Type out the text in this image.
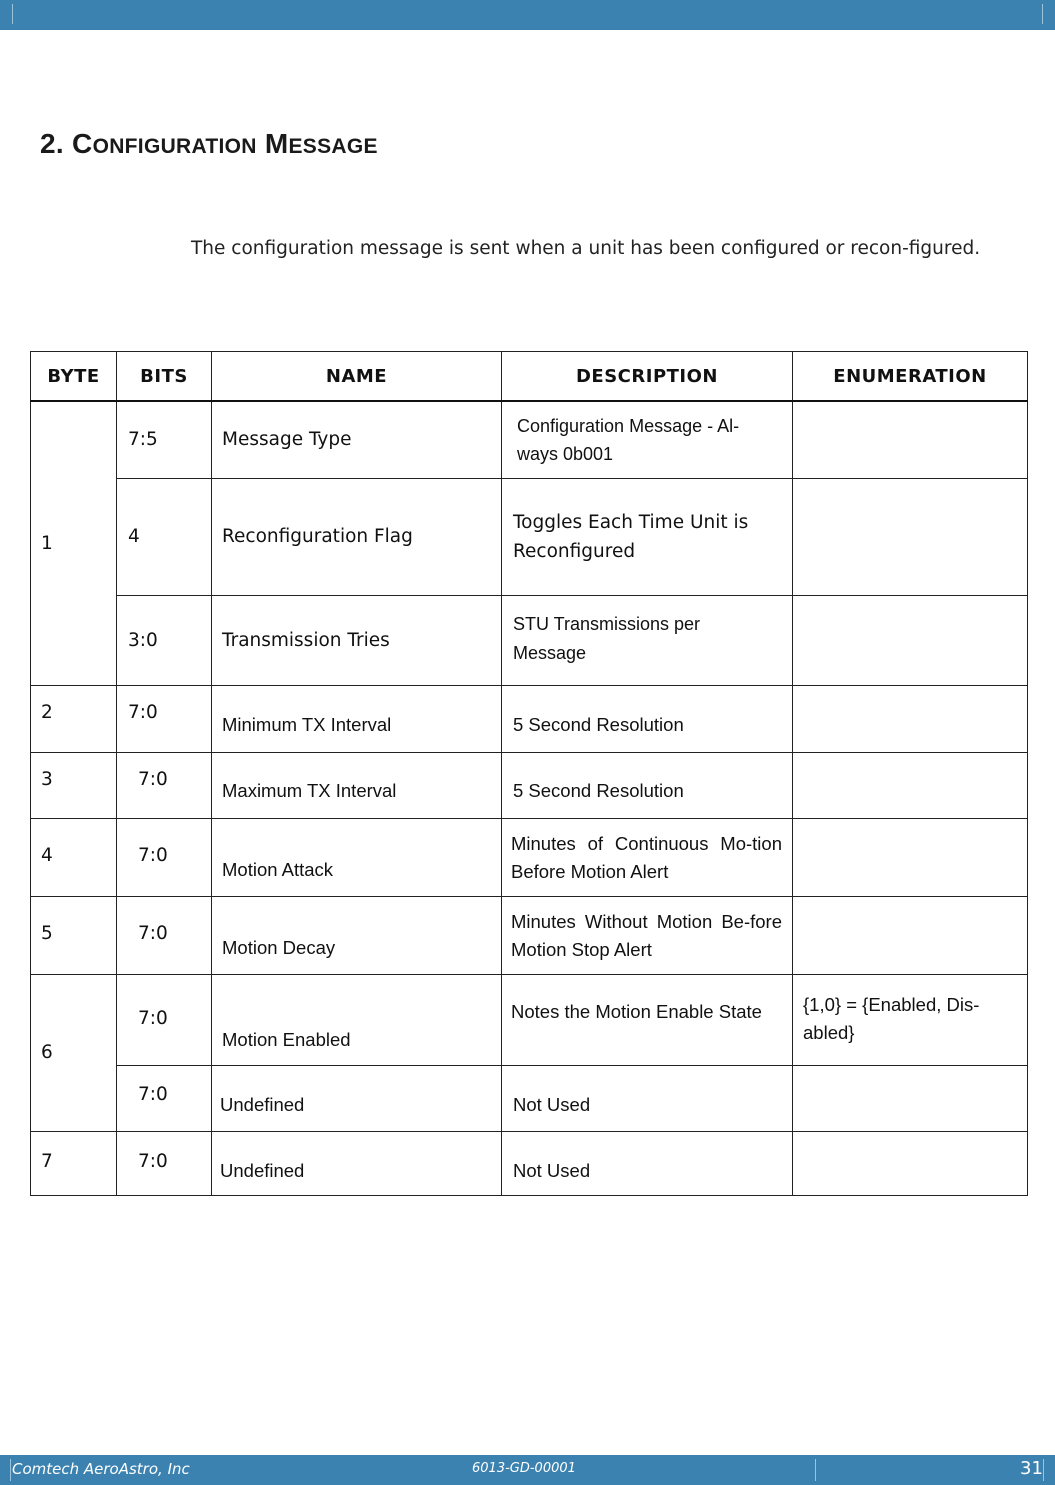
2. CONFIGURATION MESSAGE

The configuration message is sent when a unit has been configured or recon-figured.

BYTE	BITS	NAME	DESCRIPTION	ENUMERATION
1	7:5	Message Type	Configuration Message - Al-ways 0b001	
	4	Reconfiguration Flag	Toggles Each Time Unit is Reconfigured	
	3:0	Transmission Tries	STU Transmissions per Message	
2	7:0	Minimum TX Interval	5 Second Resolution	
3	7:0	Maximum TX Interval	5 Second Resolution	
4	7:0	Motion Attack	Minutes of Continuous Mo-tion Before Motion Alert	
5	7:0	Motion Decay	Minutes Without Motion Be-fore Motion Stop Alert	
6	7:0	Motion Enabled	Notes the Motion Enable State	{1,0} = {Enabled, Dis-abled}
	7:0	Undefined	Not Used	
7	7:0	Undefined	Not Used	
Comtech AeroAstro, Inc	6013-GD-00001	31
